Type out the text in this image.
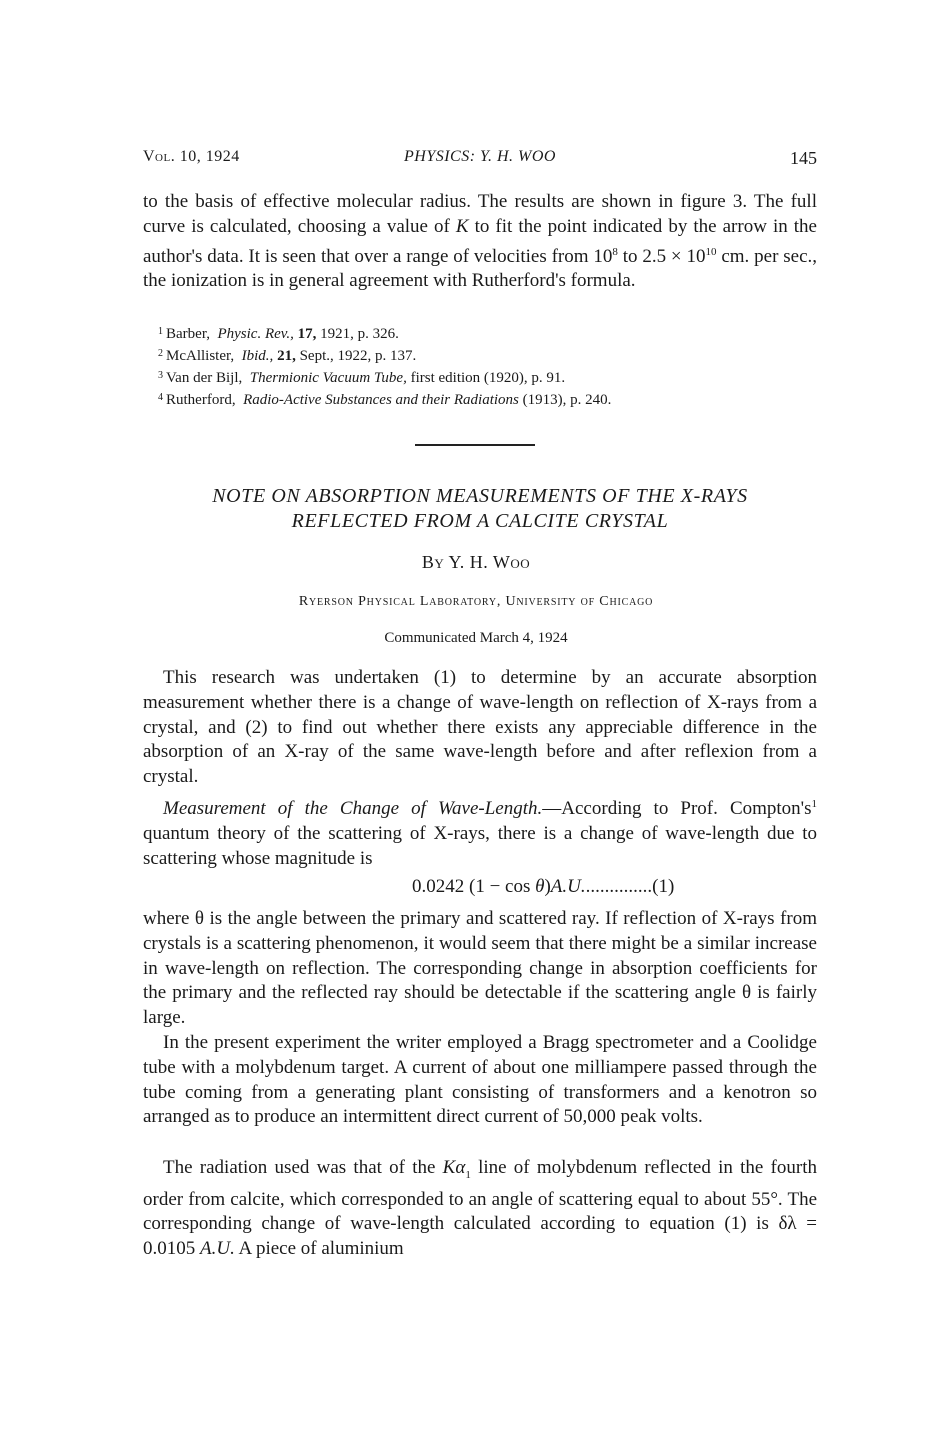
Vol. 10, 1924	PHYSICS: Y. H. WOO	145
to the basis of effective molecular radius. The results are shown in figure 3. The full curve is calculated, choosing a value of K to fit the point indicated by the arrow in the author's data. It is seen that over a range of velocities from $10^8$ to $2.5 \times 10^{10}$ cm. per sec., the ionization is in general agreement with Rutherford's formula.
$^1$ Barber, Physic. Rev., 17, 1921, p. 326.
$^2$ McAllister, Ibid., 21, Sept., 1922, p. 137.
$^3$ Van der Bijl, Thermionic Vacuum Tube, first edition (1920), p. 91.
$^4$ Rutherford, Radio-Active Substances and their Radiations (1913), p. 240.
NOTE ON ABSORPTION MEASUREMENTS OF THE X-RAYS
REFLECTED FROM A CALCITE CRYSTAL
By Y. H. Woo
Ryerson Physical Laboratory, University of Chicago
Communicated March 4, 1924
This research was undertaken (1) to determine by an accurate absorption measurement whether there is a change of wave-length on reflection of X-rays from a crystal, and (2) to find out whether there exists any appreciable difference in the absorption of an X-ray of the same wave-length before and after reflexion from a crystal.
Measurement of the Change of Wave-Length.—According to Prof. $Compton's^1$ quantum theory of the scattering of X-rays, there is a change of wave-length due to scattering whose magnitude is
0.0242 (1 − cos θ)A.U...............(1)
where θ is the angle between the primary and scattered ray. If reflection of X-rays from crystals is a scattering phenomenon, it would seem that there might be a similar increase in wave-length on reflection. The corresponding change in absorption coefficients for the primary and the reflected ray should be detectable if the scattering angle θ is fairly large.
In the present experiment the writer employed a Bragg spectrometer and a Coolidge tube with a molybdenum target. A current of about one milliampere passed through the tube coming from a generating plant consisting of transformers and a kenotron so arranged as to produce an intermittent direct current of 50,000 peak volts.
The radiation used was that of the $K\alpha_1$ line of molybdenum reflected in the fourth order from calcite, which corresponded to an angle of scattering equal to about 55°. The corresponding change of wave-length calculated according to equation (1) is δλ = 0.0105 A.U. A piece of aluminium
